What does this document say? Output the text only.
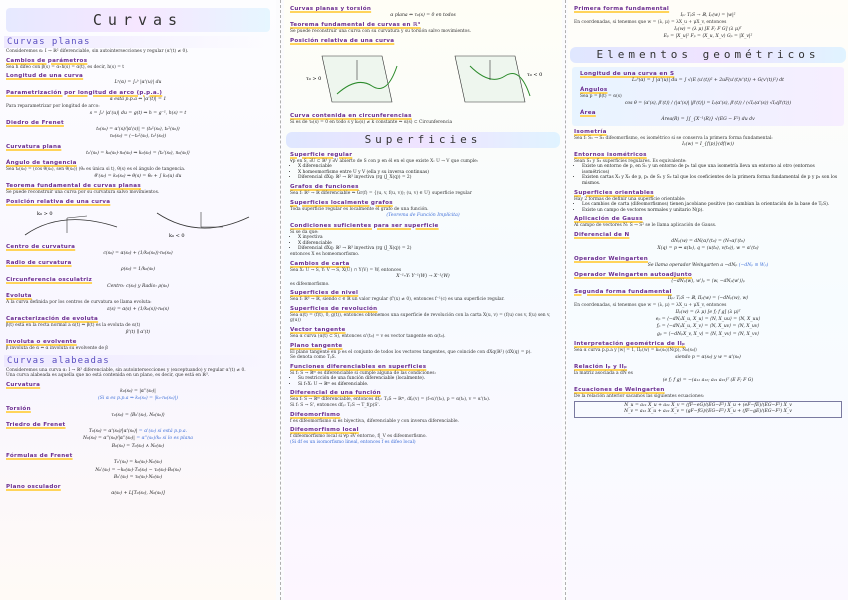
Curvas
Curvas planas
Consideremos α: I → ℝ² diferenciable, sin autointersecciones y regular (α'(t) ≠ 0).
Cambios de parámetros
Sea h difeo con β(s) = α∘h(s) = α(t), es decir, h(s) = t
Longitud de una curva
Lᵃ(α) = ∫ₐᵇ |α'(u)| du
Parametrización por longitud de arco (p.p.a.)
α está p.p.a ⇔ |α'(t)| = 1
Para reparametrizar por longitud de arco:
s = ∫ₐᵗ |α'(u)| du = g(t) ⇒ h = g⁻¹, h(s) = t
Diedro de Frenet
t₀(s₀) = α'(s)/|α'(s)| = (t₀¹(s₀), t₀²(s₀))
n₀(s₀) = (−t₀²(s₀), t₀¹(s₀))
Curvatura plana
t₀'(s₀) = k₀(s₀)·n₀(s₀) ⇒ k₀(s₀) = ⟨t₀'(s₀), n₀(s₀)⟩
Ángulo de tangencia
Sea t₀(s₀) = (cos θ(s₀), sen θ(s₀)) (θ₀ es única si t), θ(s) es el ángulo de tangencia.
θ'(s₀) = k₀(s₀) ⇒ θ(s) = θ₀ + ∫ k₀(u) du
Teorema fundamental de curvas planas
Se puede reconstruir una curva por su curvatura salvo movimientos.
Posición relativa de una curva
k₀ > 0
k₀ < 0
Centro de curvatura
c(s₀) = α(s₀) + (1/k₀(s₀))·n₀(s₀)
Radio de curvatura
ρ(s₀) = 1/k₀(s₀)
Circunferencia osculatriz
Centro: c(s₀) y Radio: ρ(s₀)
Evoluta
A la curva definida por los centros de curvatura se llama evoluta:
ε(s) = α(s) + (1/k₀(s))·n₀(s)
Caracterización de evoluta
β(t) está en la recta normal a α(t) ⇒ β(t) es la evoluta de α(t)
β'(t) ∥ α'(t)
Involuta o evolvente
β involuta de α ⇔ α involuta su evolvente de β
Curvas alabeadas
Consideremos una curva α: I → ℝ³ diferenciable, sin autointersecciones y (exceptuando) y regular α'(t) ≠ 0.
Una curva alabeada es aquella que no está contenida en un plano, es decir, que está en ℝ³.
Curvatura
k₀(s₀) = |α''(s₀)|
(Si α es p.p.a ⇒ k₀(s₀) = |k₀·n₀(s₀)|)
Torsión
τ₀(s₀) = ⟨B₀'(s₀), N₀(s₀)⟩
Triedro de Frenet
T₀(s₀) = α'(s₀)/|α'(s₀)| = α'(s₀) si está p.p.a.
N₀(s₀) = α''(s₀)/|α''(s₀)| = α''(s₀)/k₀ si lo es plana
B₀(s₀) = T₀(s₀) ∧ N₀(s₀)
Fórmulas de Frenet
T₀'(s₀) = k₀(s₀)·N₀(s₀)
N₀'(s₀) = −k₀(s₀)·T₀(s₀) − τ₀(s₀)·B₀(s₀)
B₀'(s₀) = τ₀(s₀)·N₀(s₀)
Plano osculador
α(s₀) + L[T₀(s₀), N₀(s₀)]
Curvas planas y torsión
α plana ⇔ τ₀(s) = 0 en todos
Teorema fundamental de curvas en ℝ³
Se puede reconstruir una curva con su curvatura y su torsión salvo movimientos.
Posición relativa de una curva
τ₀ > 0
τ₀ < 0
Curva contenida en circunferencias
Si es de τ₀(s) = 0 en todo s y k₀(s) ≠ k constante ⇒ α(s) ⊂ Circunferencia
Superficies
Superficie regular
∀p en S, ∃U ⊂ ℝ³ y ∃V abierto de S con p en él en el que existe X: U → V que cumple:
• X diferenciable
• X homeomorfismo entre U y V (ella y su inversa continuas)
• Diferencial dXq: ℝ² → ℝ³ inyectiva (rg (J_X(q)) = 2)
Grafos de funciones
Sea f: ℝ² → ℝ diferenciable ⇒ Gr(f) = {(u, v, f(u, v)); (u, v) ∈ U} superficie regular
Superficies localmente grafos
Toda superficie regular es localmente el grafo de una función.
(Teorema de Función Implícita)
Condiciones suficientes para ser superficie
Si se da que:
• X inyectiva
• X diferenciable
• Diferencial dXq: ℝ² → ℝ³ inyectiva (rg (J_X(q)) = 2)
entonces X es homeomorfismo.
Cambios de carta
Sea X: U → S, Y: V → S, X(U) ∩ Y(V) = W, entonces
X⁻¹∘Y: Y⁻¹(W) → X⁻¹(W)
es difeomorfismo.
Superficies de nivel
Sea f: ℝ³ → ℝ, siendo c ∈ ℝ un valor regular (f'(x) ≠ 0), entonces f⁻¹(c) es una superficie regular.
Superficies de revolución
Sea α(t) = (f(t), 0, g(t)), entonces obtenemos una superficie de revolución con la carta X(u, v) = (f(u) cos v, f(u) sen v, g(u))
Vector tangente
Sea α curva (α(t) ⊂ S), entonces α'(t₀) = v es vector tangente en α(t₀).
Plano tangente
El plano tangente en p es el conjunto de todos los vectores tangentes, que coincide con dXq(ℝ²) (dX(q) = p).
Se denota como TₚS.
Funciones diferenciables en superficies
Si f: S → ℝᵐ es diferenciable si cumple alguna de las condiciones:
• Su restricción de una función diferenciable (localmente).
• Si f∘X: U → ℝᵐ es diferenciable.
Diferencial de una función
Sea f: S → ℝᵐ diferenciable, entonces dfₚ: TₚS → ℝᵐ, dfₚ(v) = (f∘α)'(t₀), p = α(t₀), v = α'(t₀).
Si f: S → S', entonces dfₚ: TₚS → T_f(p)S'.
Difeomorfismo
f es difeomorfismo si es biyectiva, diferenciable y con inversa diferenciable.
Difeomorfismo local
f difeomorfismo local si ∀p ∃V entorno, f|_V es difeomorfismo.
(Si df es un isomorfismo lineal, entonces f es difeo local)
Primera forma fundamental
Iₚ: TₚS → ℝ, Iₚ(w) = |w|²
En coordenadas, si tenemos que w = (λ, μ) = λX_u + μX_v, entonces
Iₚ(w) = (λ μ) [E F; F G] (λ μ)ᵀ
Eₚ = |X_u|² Fₚ = ⟨X_u, X_v⟩ Gₚ = |X_v|²
Elementos geométricos
Longitud de una curva en S
Lₐᵇ(α) = ∫ |α'(u)| du = ∫ √(E (u'(t))² + 2uF(u'(t)v'(t)) + G(v'(t))²) dt
Ángulos
Sea p = β(t) = α(s)
cos θ = ⟨α'(s), β'(t)⟩ / (|α'(s)| |β'(t)|) = Iₚ(α'(s), β'(t)) / (√Iₚ(α'(s)) √Iₚ(β'(t)))
Área
Área(R) = ∫∫_{X⁻¹(R)} √(EG − F²) du dv
Isometría
Sea f: S₁ → S₂ difeomorfismo, es isométrico si se conserva la primera forma fundamental:
Iₚ(w) = I_{f(p)}(df(w))
Entornos isométricos
Sean S₁ y S₂ superficies regulares. Es equivalente:
• Existe un entorno de p, en S₁ y un entorno de p₂ tal que una isometría lleva un entorno al otro (entornos isométricos)
• Existen cartas X₁ y X₂ de p, p₁ de S₁ y S₂ tal que los coeficientes de la primera forma fundamental de p y p₂ son los mismos.
Superficies orientables
Hay 2 formas de definir una superficie orientable:
• Los cambios de carta (difeomorfismos) tienen jacobiano positivo (no cambian la orientación de la base de TₚS).
• Existe un campo de vectores normales y unitario N(p).
Aplicación de Gauss
Al campo de vectores N: S → S² se le llama aplicación de Gauss.
Diferencial de N
dNₚ(w) = dN(α)'(t₀) = (N∘α)'(t₀)
X(q) = p ⇒ α(t₀), q = (u(t₀), v(t₀)), w = α'(t₀)
Operador Weingarten
Se llama operador Weingarten a −dNₚ (−dNₚ ≡ Wₚ)
Operador Weingarten autoadjunto
⟨−dNₚ(w), w'⟩ₚ = ⟨w, −dNₚ(w')⟩ₚ
Segunda forma fundamental
IIₚ: TₚS → ℝ, IIₚ(w) = ⟨−dNₚ(w), w⟩
En coordenadas, si tenemos que w = (λ, μ) = λX_u + μX_v, entonces
IIₚ(w) = (λ μ) [e f; f g] (λ μ)ᵀ
eₚ = ⟨−dNₚX_u, X_u⟩ = ⟨N, X_uu⟩ = ⟨N, X_uu⟩
fₚ = ⟨−dNₚX_u, X_v⟩ = ⟨N, X_uv⟩ = ⟨N, X_uv⟩
gₚ = ⟨−dNₚX_v, X_v⟩ = ⟨N, X_vv⟩ = ⟨N, X_vv⟩
Interpretación geométrica de IIₚ
Sea α curva p.p.a y |w| = 1, IIₚ(w) = k₀(s₀)⟨N(p), N₀(s₀)⟩
siendo p = α(s₀) y w = α'(s₀)
Relación Iₚ y IIₚ
la matriz asociada a dN es
(e f; f g) = −(a₁₁ a₁₂; a₂₁ a₂₂)ᵀ (E F; F G)
Ecuaciones de Weingarten
De la relación anterior sacamos las siguientes ecuaciones:
N_u = a₁₁ X_u + a₂₁ X_v = (fF−eG)/(EG−F²) X_u + (eF−fE)/(EG−F²) X_v
N_v = a₁₂ X_u + a₂₂ X_v = (gF−fG)/(EG−F²) X_u + (fF−gE)/(EG−F²) X_v
